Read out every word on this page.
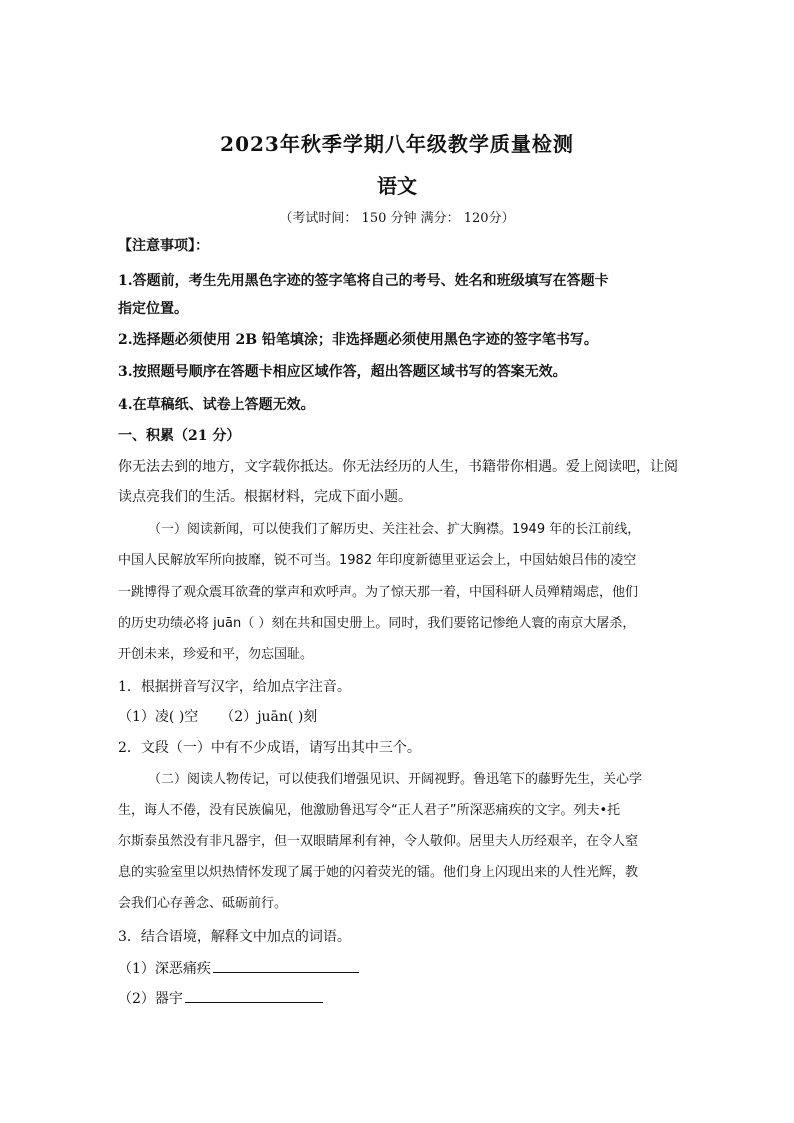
2023年秋季学期八年级教学质量检测
语文
（考试时间： 150 分钟 满分： 120分）
【注意事项】：
1.答题前，考生先用黑色字迹的签字笔将自己的考号、姓名和班级填写在答题卡
指定位置。
2.选择题必须使用 2B 铅笔填涂；非选择题必须使用黑色字迹的签字笔书写。
3.按照题号顺序在答题卡相应区域作答，超出答题区域书写的答案无效。
4.在草稿纸、试卷上答题无效。
一、积累（21 分）
你无法去到的地方，文字载你抵达。你无法经历的人生，书籍带你相遇。爱上阅读吧，让阅
读点亮我们的生活。根据材料，完成下面小题。
（一）阅读新闻，可以使我们了解历史、关注社会、扩大胸襟。1949 年的长江前线，
中国人民解放军所向披靡，锐不可当。1982 年印度新德里亚运会上，中国姑娘吕伟的凌空
一跳博得了观众震耳欲聋的掌声和欢呼声。为了惊天那一着，中国科研人员殚精竭虑，他们
的历史功绩必将 juān（ ）刻在共和国史册上。同时，我们要铭记惨绝人寰的南京大屠杀，
开创未来，珍爱和平，勿忘国耻。
1．根据拼音写汉字，给加点字注音。
（1）凌( )空 （2）juān( )刻
2．文段（一）中有不少成语，请写出其中三个。
（二）阅读人物传记，可以使我们增强见识、开阔视野。鲁迅笔下的藤野先生，关心学
生，诲人不倦，没有民族偏见，他激励鲁迅写令“正人君子”所深恶痛疾的文字。列夫•托
尔斯泰虽然没有非凡器宇，但一双眼睛犀利有神，令人敬仰。居里夫人历经艰辛，在令人窒
息的实验室里以炽热情怀发现了属于她的闪着荧光的镭。他们身上闪现出来的人性光辉，教
会我们心存善念、砥砺前行。
3．结合语境，解释文中加点的词语。
（1）深恶痛疾
（2）器宇
